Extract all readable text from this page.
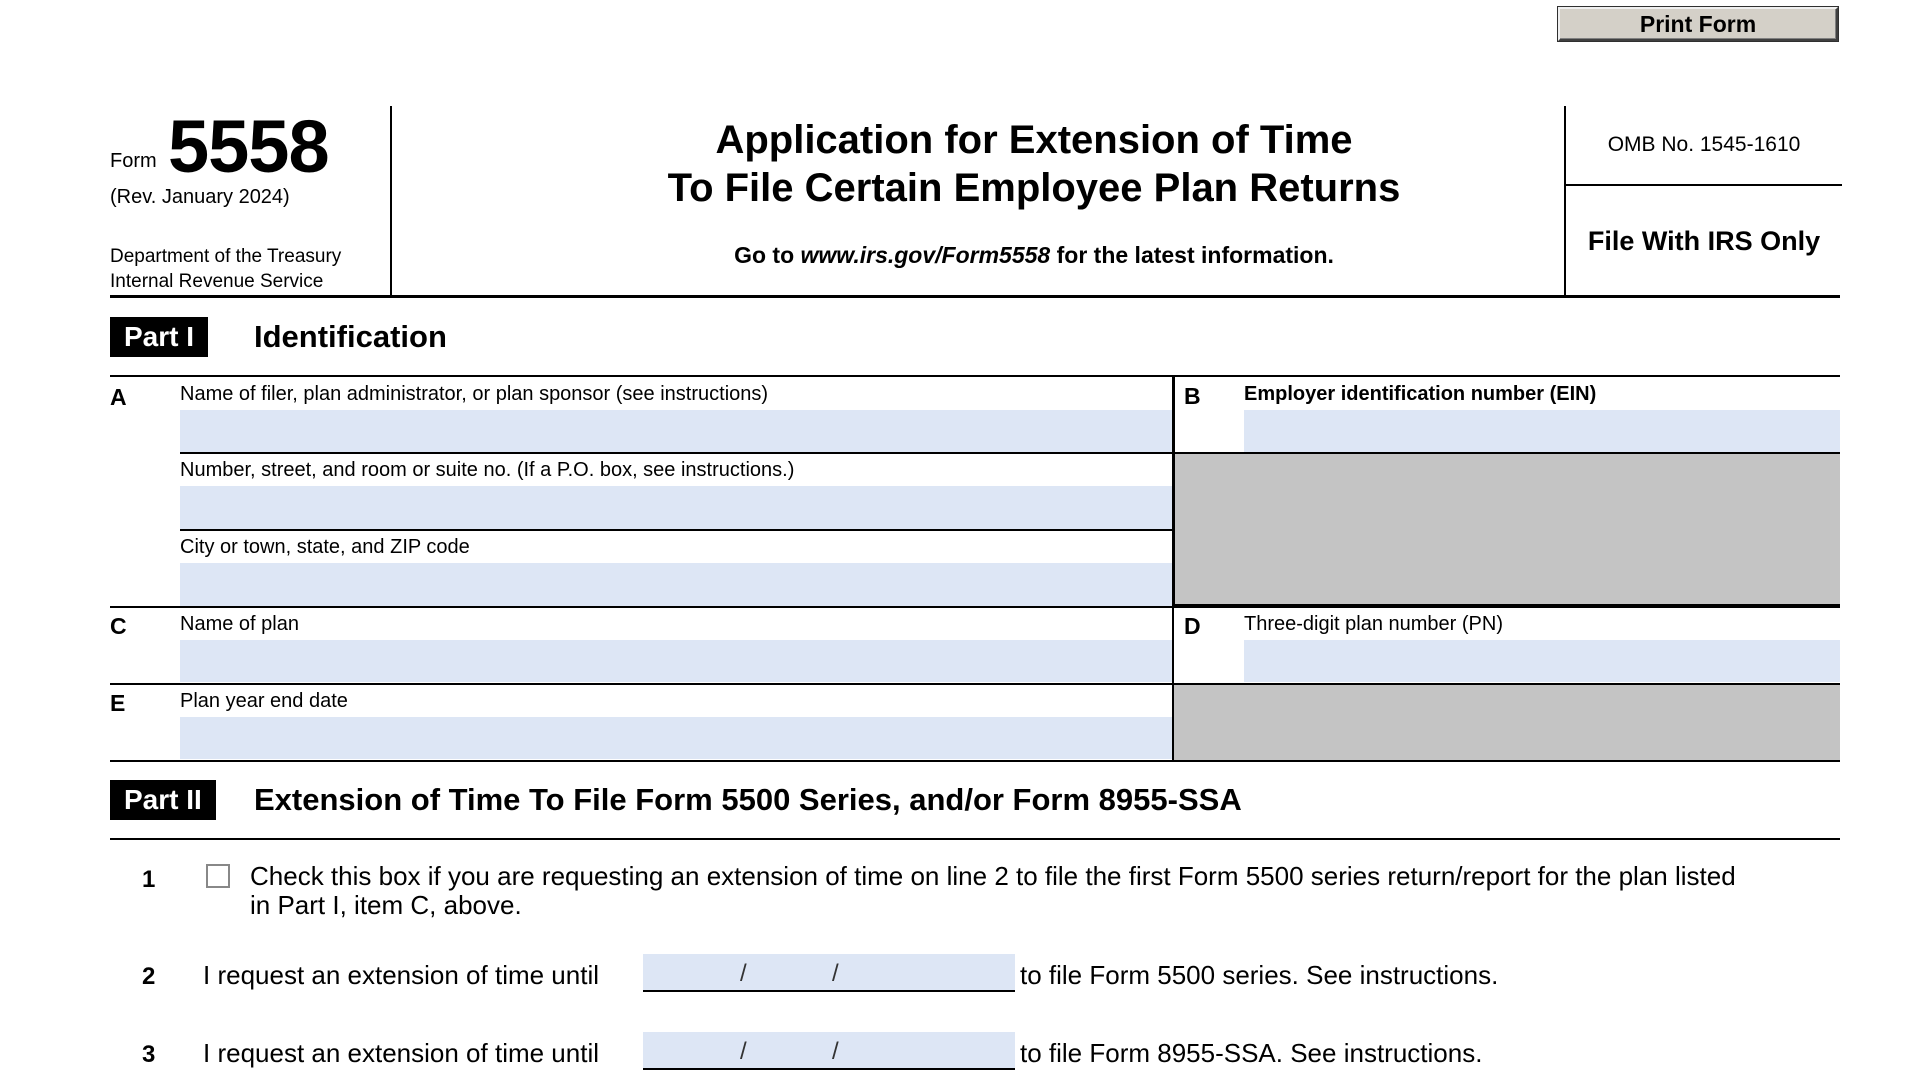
Print Form
Form 5558
(Rev. January 2024)
Department of the Treasury
Internal Revenue Service
Application for Extension of Time
To File Certain Employee Plan Returns
Go to www.irs.gov/Form5558 for the latest information.
OMB No. 1545-1610
File With IRS Only
Part I	Identification
A	Name of filer, plan administrator, or plan sponsor (see instructions)
Number, street, and room or suite no. (If a P.O. box, see instructions.)
City or town, state, and ZIP code
B Employer identification number (EIN)
C	Name of plan	D Three-digit plan number (PN)
E	Plan year end date
Part II	Extension of Time To File Form 5500 Series, and/or Form 8955-SSA
1	Check this box if you are requesting an extension of time on line 2 to file the first Form 5500 series return/report for the plan listed
in Part I, item C, above.
2 I request an extension of time until	/	/	to file Form 5500 series. See instructions.
3 I request an extension of time until	/	/	to file Form 8955-SSA. See instructions.
